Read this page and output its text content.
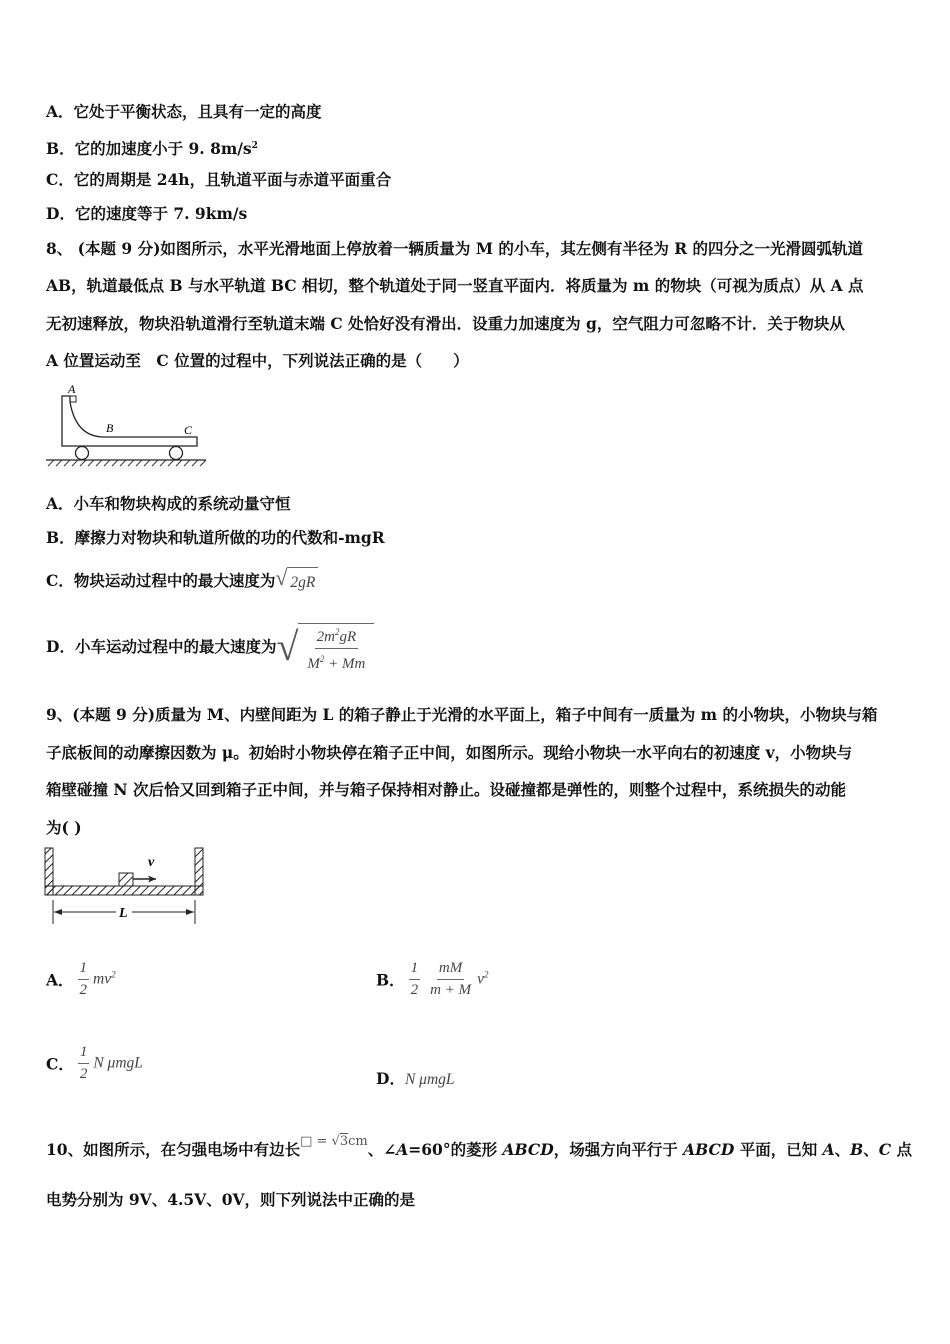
A．它处于平衡状态，且具有一定的高度
B．它的加速度小于 9. $8m/s^2$
C．它的周期是 24h，且轨道平面与赤道平面重合
D．它的速度等于 7. 9km/s
8、 (本题 9 分)如图所示，水平光滑地面上停放着一辆质量为 M 的小车，其左侧有半径为 R 的四分之一光滑圆弧轨道
AB，轨道最低点 B 与水平轨道 BC 相切，整个轨道处于同一竖直平面内．将质量为 m 的物块（可视为质点）从 A 点
无初速释放，物块沿轨道滑行至轨道末端 C 处恰好没有滑出．设重力加速度为 g，空气阻力可忽略不计．关于物块从
A 位置运动至　C 位置的过程中，下列说法正确的是（　　）
A
B	C
A．小车和物块构成的系统动量守恒
B．摩擦力对物块和轨道所做的功的代数和-mgR
C．物块运动过程中的最大速度为 √ 2gR
D．小车运动过程中的最大速度为 √ $\frac{2m^2gR}{M^2 + Mm}$
9、(本题 9 分)质量为 M、内壁间距为 L 的箱子静止于光滑的水平面上，箱子中间有一质量为 m 的小物块，小物块与箱
子底板间的动摩擦因数为 μ。初始时小物块停在箱子正中间，如图所示。现给小物块一水平向右的初速度 v，小物块与
箱壁碰撞 N 次后恰又回到箱子正中间，并与箱子保持相对静止。设碰撞都是弹性的，则整个过程中，系统损失的动能
为( )
v
L
A． $\frac{1}{2} mv^2$	B． $\frac{1}{2} \frac{mM}{m + M} v^2$
C． $\frac{1}{2}$ N μmgL
D．N μmgL
10、如图所示，在匀强电场中有边长$^{□ = √3cm}$、∠A=60°的菱形 ABCD，场强方向平行于 ABCD 平面，已知 A、B、C 点
电势分别为 9V、4.5V、0V，则下列说法中正确的是
